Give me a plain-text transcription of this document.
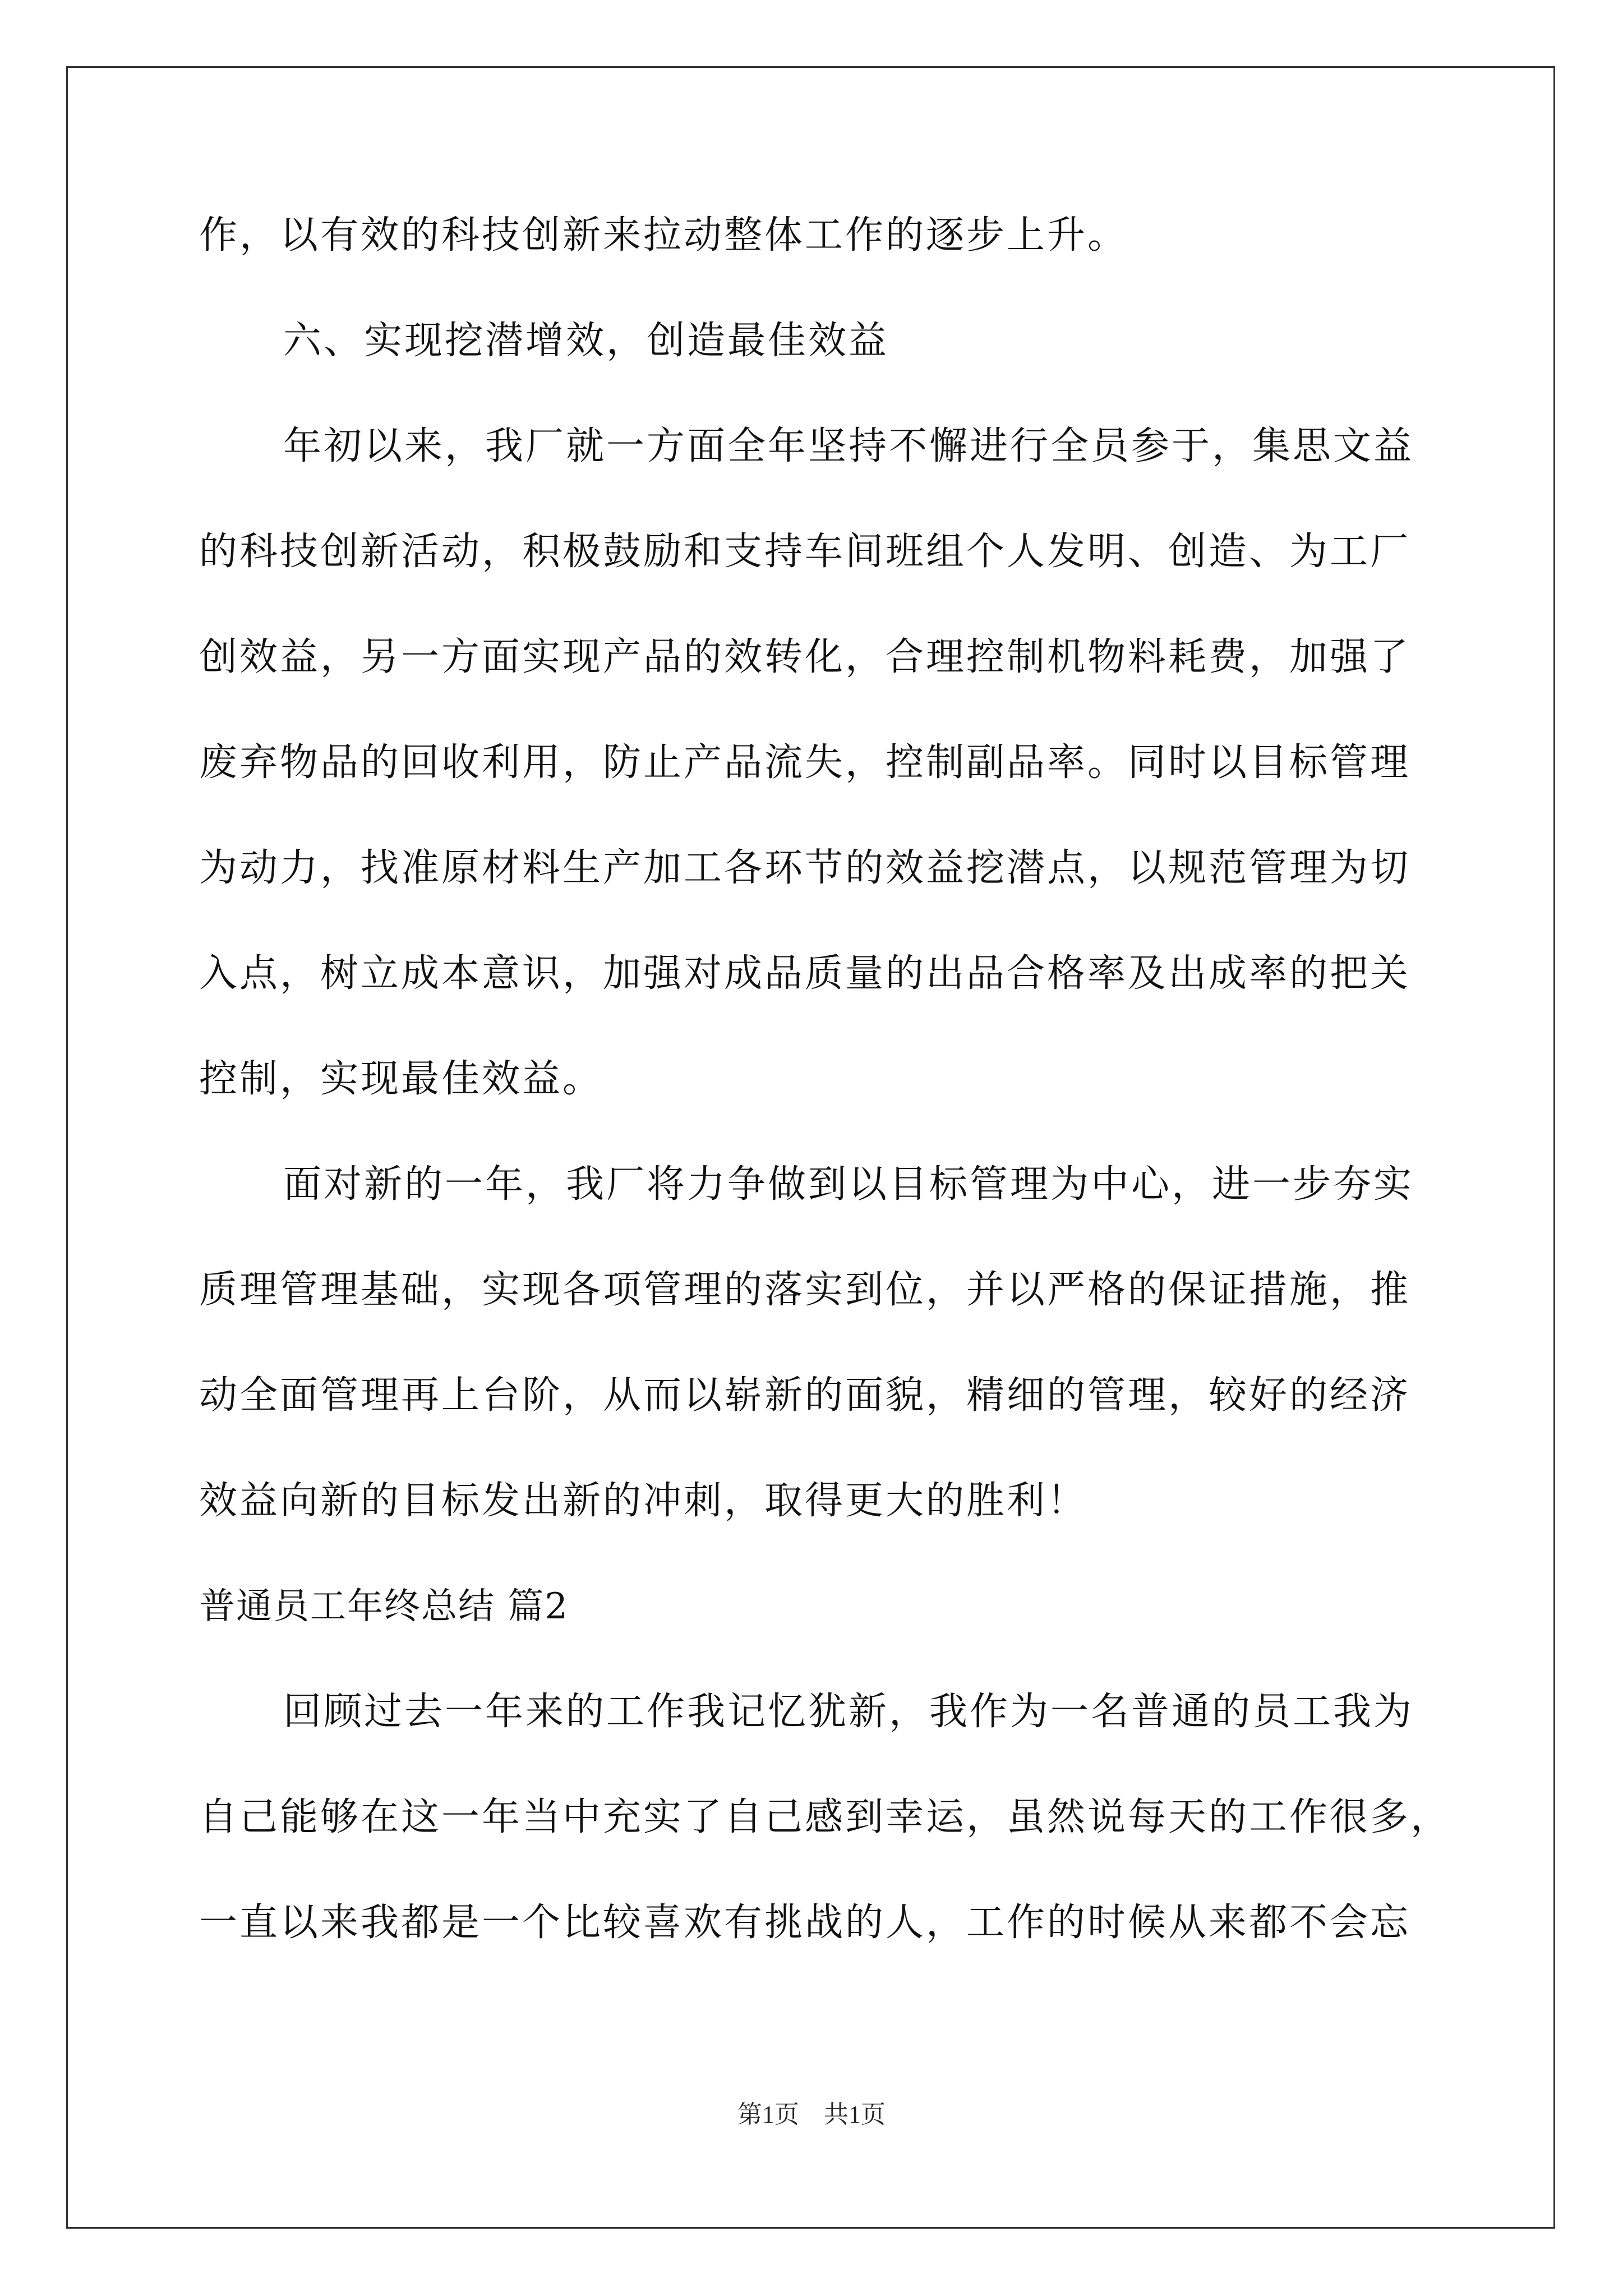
作，以有效的科技创新来拉动整体工作的逐步上升。
六、实现挖潜增效，创造最佳效益
年初以来，我厂就一方面全年坚持不懈进行全员参于，集思文益
的科技创新活动，积极鼓励和支持车间班组个人发明、创造、为工厂
创效益，另一方面实现产品的效转化，合理控制机物料耗费，加强了
废弃物品的回收利用，防止产品流失，控制副品率。同时以目标管理
为动力，找准原材料生产加工各环节的效益挖潜点，以规范管理为切
入点，树立成本意识，加强对成品质量的出品合格率及出成率的把关
控制，实现最佳效益。
面对新的一年，我厂将力争做到以目标管理为中心，进一步夯实
质理管理基础，实现各项管理的落实到位，并以严格的保证措施，推
动全面管理再上台阶，从而以崭新的面貌，精细的管理，较好的经济
效益向新的目标发出新的冲刺，取得更大的胜利！
普通员工年终总结 篇2
回顾过去一年来的工作我记忆犹新，我作为一名普通的员工我为
自己能够在这一年当中充实了自己感到幸运，虽然说每天的工作很多，
一直以来我都是一个比较喜欢有挑战的人，工作的时候从来都不会忘
第1页　共1页
